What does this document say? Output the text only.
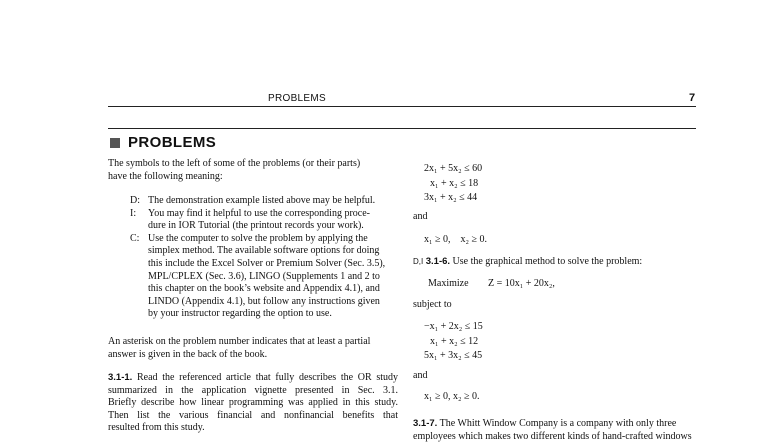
PROBLEMS	7
PROBLEMS
The symbols to the left of some of the problems (or their parts)
have the following meaning:
D: The demonstration example listed above may be helpful.
I: You may find it helpful to use the corresponding proce-
dure in IOR Tutorial (the printout records your work).
C: Use the computer to solve the problem by applying the
simplex method. The available software options for doing
this include the Excel Solver or Premium Solver (Sec. 3.5),
MPL/CPLEX (Sec. 3.6), LINGO (Supplements 1 and 2 to
this chapter on the book’s website and Appendix 4.1), and
LINDO (Appendix 4.1), but follow any instructions given
by your instructor regarding the option to use.
An asterisk on the problem number indicates that at least a partial
answer is given in the back of the book.
3.1-1. Read the referenced article that fully describes the OR study
summarized in the application vignette presented in Sec. 3.1.
Briefly describe how linear programming was applied in this study.
Then list the various financial and nonfinancial benefits that
resulted from this study.
2x₁ + 5x₂ ≤ 60
x₁ + x₂ ≤ 18
3x₁ + x₂ ≤ 44
and
x₁ ≥ 0,    x₂ ≥ 0.
D,I 3.1-6. Use the graphical method to solve the problem:
Maximize Z = 10x₁ + 20x₂,
subject to
−x₁ + 2x₂ ≤ 15
x₁ + x₂ ≤ 12
5x₁ + 3x₂ ≤ 45
and
x₁ ≥ 0, x₂ ≥ 0.
3.1-7. The Whitt Window Company is a company with only three
employees which makes two different kinds of hand-crafted windows
